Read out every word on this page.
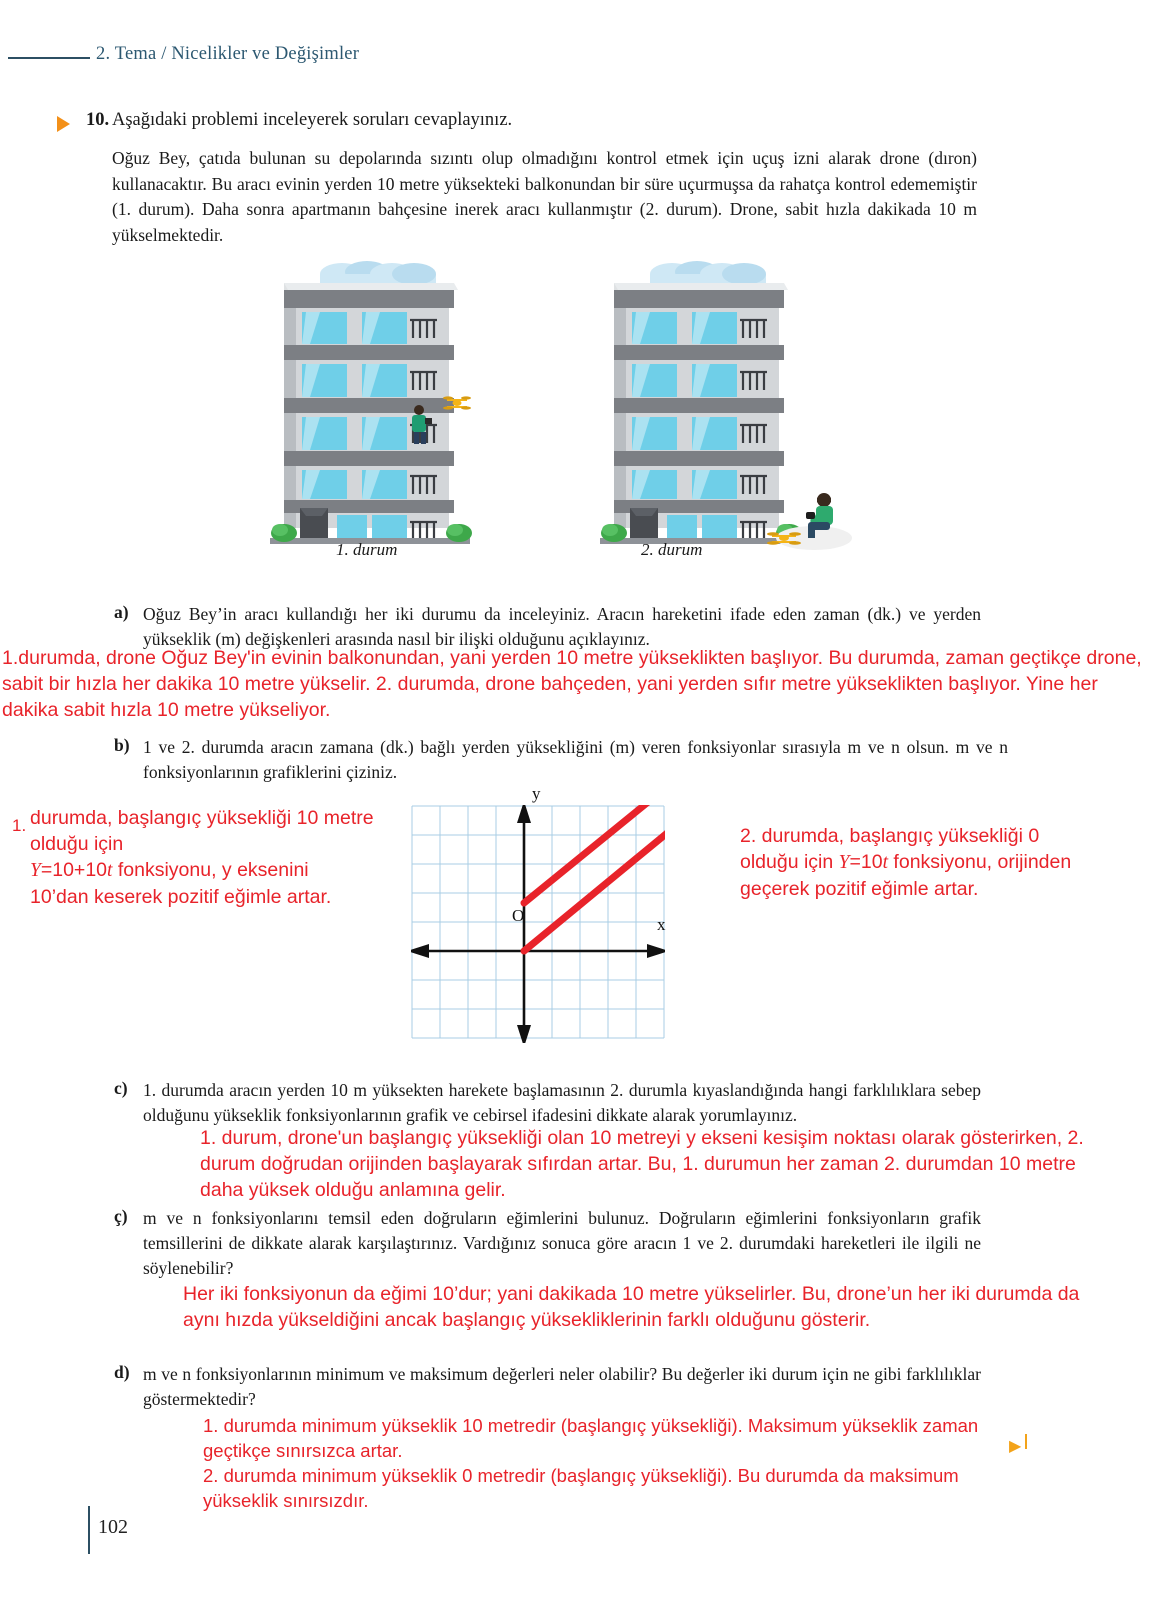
2. Tema / Nicelikler ve Değişimler
10. Aşağıdaki problemi inceleyerek soruları cevaplayınız.
Oğuz Bey, çatıda bulunan su depolarında sızıntı olup olmadığını kontrol etmek için uçuş izni alarak drone (dıron) kullanacaktır. Bu aracı evinin yerden 10 metre yüksekteki balkonundan bir süre uçurmuşsa da rahatça kontrol edememiştir (1. durum). Daha sonra apartmanın bahçesine inerek aracı kullanmıştır (2. durum). Drone, sabit hızla dakikada 10 m yükselmektedir.
1. durum	2. durum
a) Oğuz Bey’in aracı kullandığı her iki durumu da inceleyiniz. Aracın hareketini ifade eden zaman (dk.) ve yerden yükseklik (m) değişkenleri arasında nasıl bir ilişki olduğunu açıklayınız.
1.durumda, drone Oğuz Bey'in evinin balkonundan, yani yerden 10 metre yükseklikten başlıyor. Bu durumda, zaman geçtikçe drone, sabit bir hızla her dakika 10 metre yükselir. 2. durumda, drone bahçeden, yani yerden sıfır metre yükseklikten başlıyor. Yine her dakika sabit hızla 10 metre yükseliyor.
b) 1 ve 2. durumda aracın zamana (dk.) bağlı yerden yüksekliğini (m) veren fonksiyonlar sırasıyla m ve n olsun. m ve n fonksiyonlarının grafiklerini çiziniz.
1. durumda, başlangıç yüksekliği 10 metre
olduğu için
Y=10+10t fonksiyonu, y eksenini
10’dan keserek pozitif eğimle artar.
2. durumda, başlangıç yüksekliği 0
olduğu için Y=10t fonksiyonu, orijinden
geçerek pozitif eğimle artar.
y
x
O
c) 1. durumda aracın yerden 10 m yüksekten harekete başlamasının 2. durumla kıyaslandığında hangi farklılıklara sebep olduğunu yükseklik fonksiyonlarının grafik ve cebirsel ifadesini dikkate alarak yorumlayınız.
1. durum, drone'un başlangıç yüksekliği olan 10 metreyi y ekseni kesişim noktası olarak gösterirken, 2. durum doğrudan orijinden başlayarak sıfırdan artar. Bu, 1. durumun her zaman 2. durumdan 10 metre daha yüksek olduğu anlamına gelir.
ç) m ve n fonksiyonlarını temsil eden doğruların eğimlerini bulunuz. Doğruların eğimlerini fonksiyonların grafik temsillerini de dikkate alarak karşılaştırınız. Vardığınız sonuca göre aracın 1 ve 2. durumdaki hareketleri ile ilgili ne söylenebilir?
Her iki fonksiyonun da eğimi 10’dur; yani dakikada 10 metre yükselirler. Bu, drone’un her iki durumda da aynı hızda yükseldiğini ancak başlangıç yüksekliklerinin farklı olduğunu gösterir.
d) m ve n fonksiyonlarının minimum ve maksimum değerleri neler olabilir? Bu değerler iki durum için ne gibi farklılıklar göstermektedir?
1. durumda minimum yükseklik 10 metredir (başlangıç yüksekliği). Maksimum yükseklik zaman
geçtikçe sınırsızca artar.
2. durumda minimum yükseklik 0 metredir (başlangıç yüksekliği). Bu durumda da maksimum
yükseklik sınırsızdır.
▶
102
